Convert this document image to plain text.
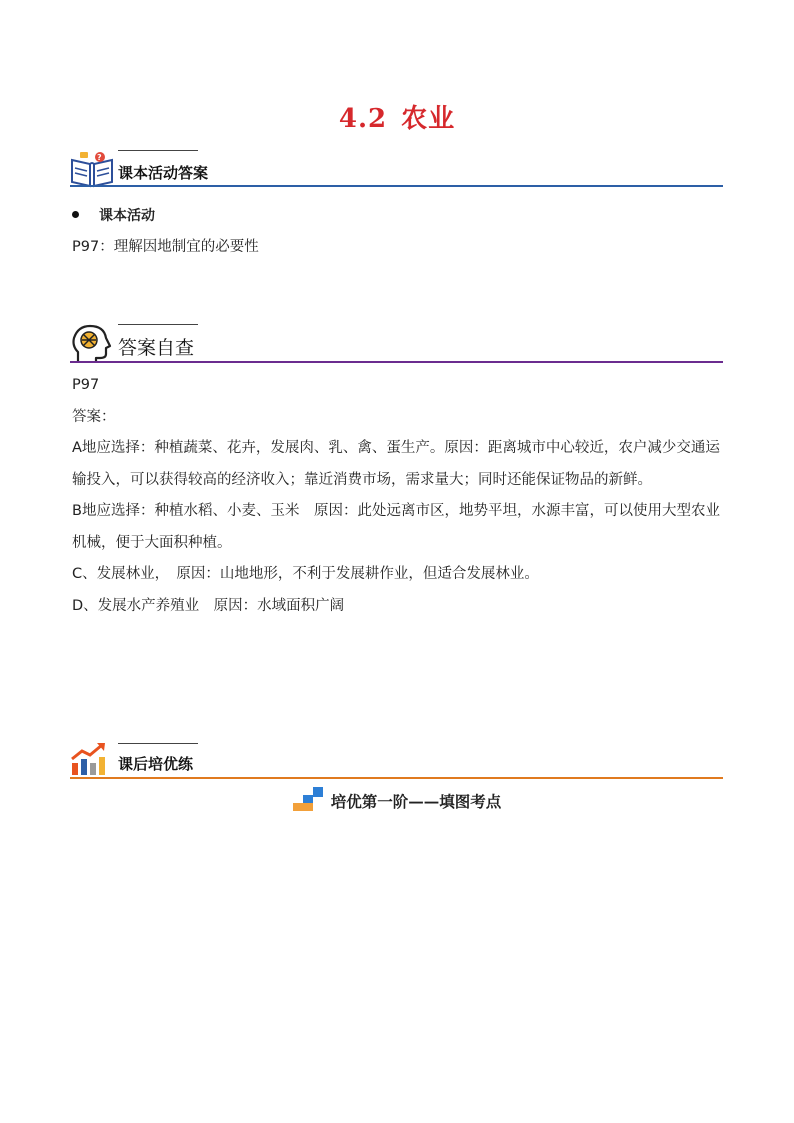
4.2 农业
?
课本活动答案
课本活动
P97：理解因地制宜的必要性
答案自查

P97

答案：

A地应选择：种植蔬菜、花卉，发展肉、乳、禽、蛋生产。原因：距离城市中心较近，农户减少交通运输投入，可以获得较高的经济收入；靠近消费市场，需求量大；同时还能保证物品的新鲜。

B地应选择：种植水稻、小麦、玉米　原因：此处远离市区，地势平坦，水源丰富，可以使用大型农业机械，便于大面积种植。

C、发展林业，　原因：山地地形，不利于发展耕作业，但适合发展林业。

D、发展水产养殖业　原因：水域面积广阔

课后培优练
培优第一阶——填图考点
